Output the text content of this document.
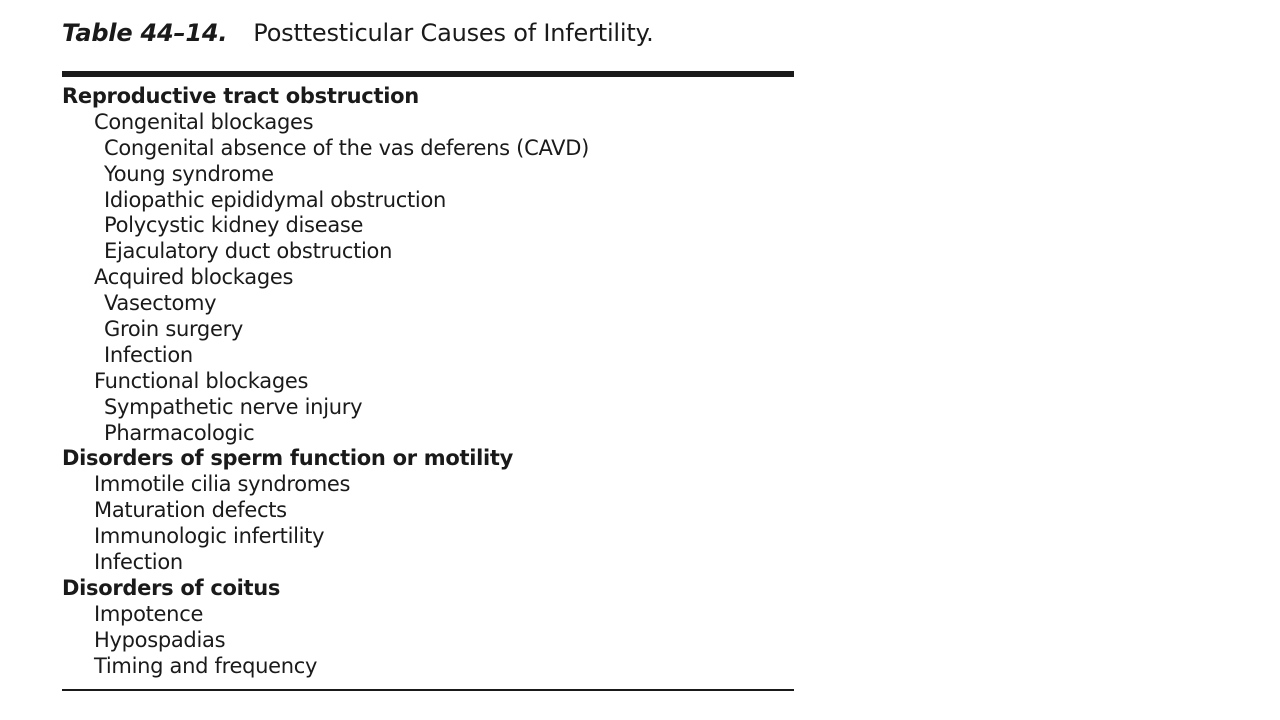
Table 44–14. Posttesticular Causes of Infertility.
Reproductive tract obstruction
Congenital blockages
Congenital absence of the vas deferens (CAVD)
Young syndrome
Idiopathic epididymal obstruction
Polycystic kidney disease
Ejaculatory duct obstruction
Acquired blockages
Vasectomy
Groin surgery
Infection
Functional blockages
Sympathetic nerve injury
Pharmacologic
Disorders of sperm function or motility
Immotile cilia syndromes
Maturation defects
Immunologic infertility
Infection
Disorders of coitus
Impotence
Hypospadias
Timing and frequency
